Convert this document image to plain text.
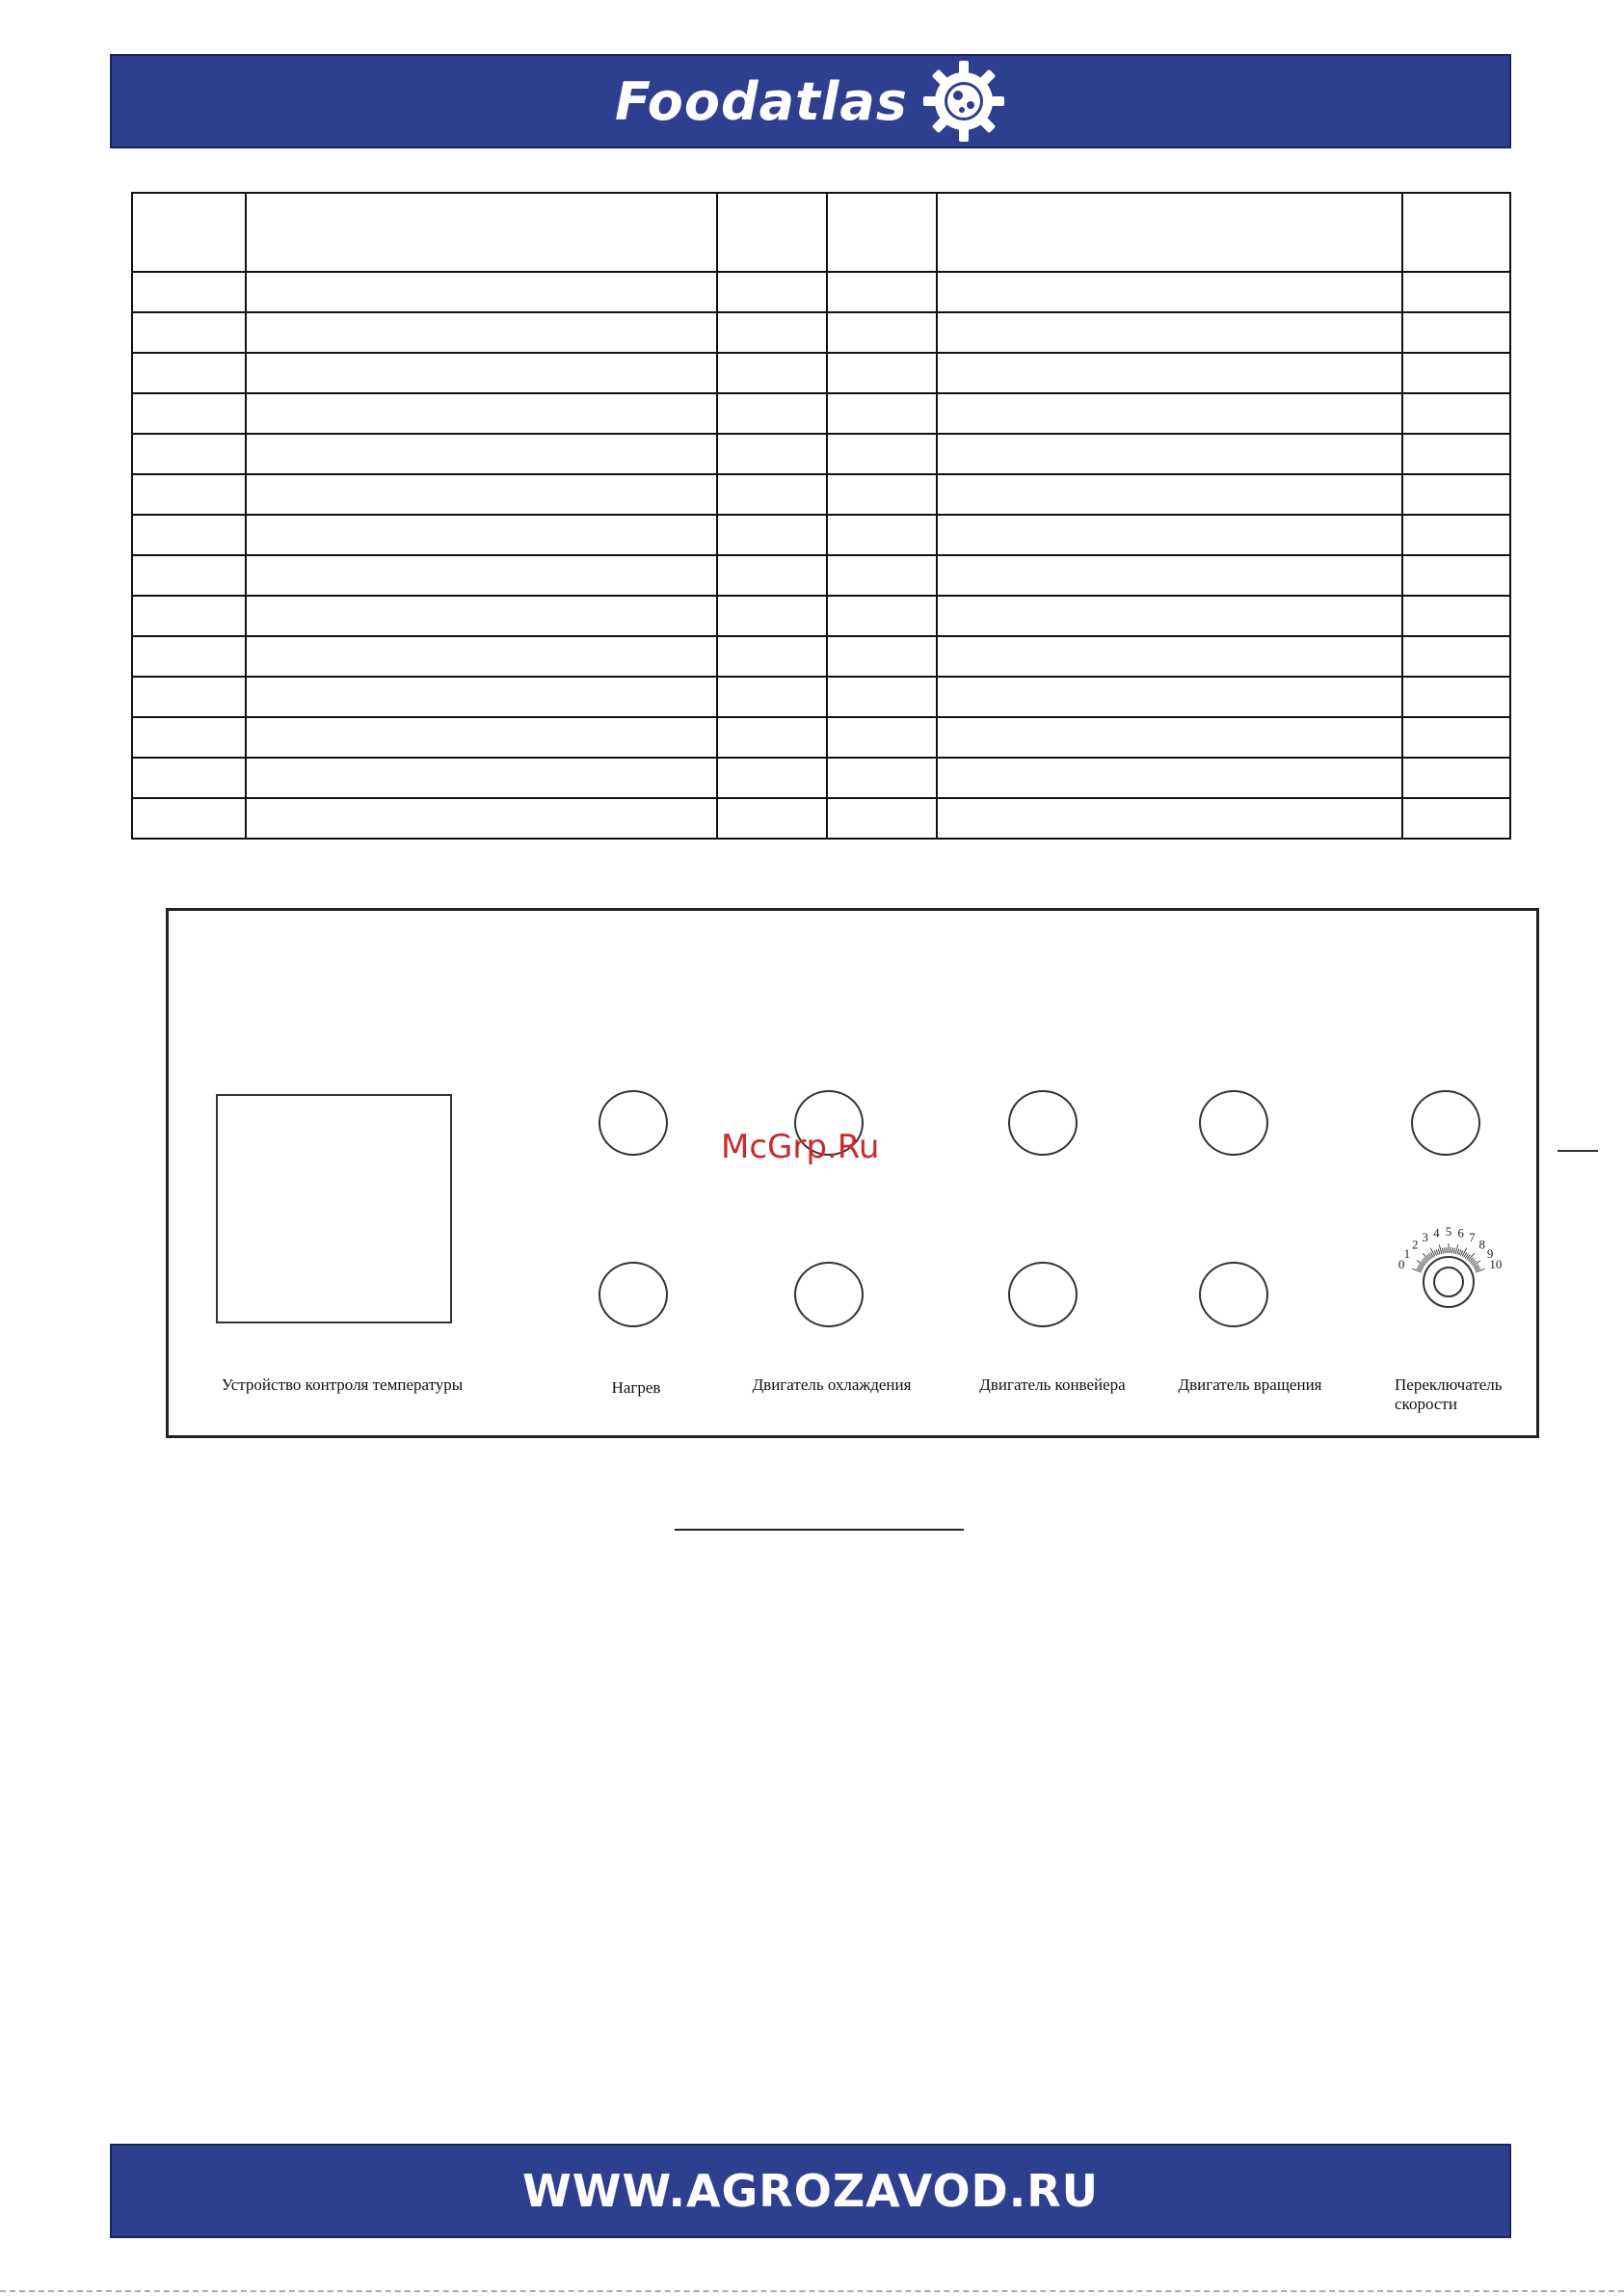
Foodatlas

0
1
2 3 4 5 6 7 8
9
10
Устройство контроля температуры	Нагрев	Двигатель охлаждения	Двигатель конвейера	Двигатель вращения	Переключатель скорости
McGrp.Ru
WWW.AGROZAVOD.RU
